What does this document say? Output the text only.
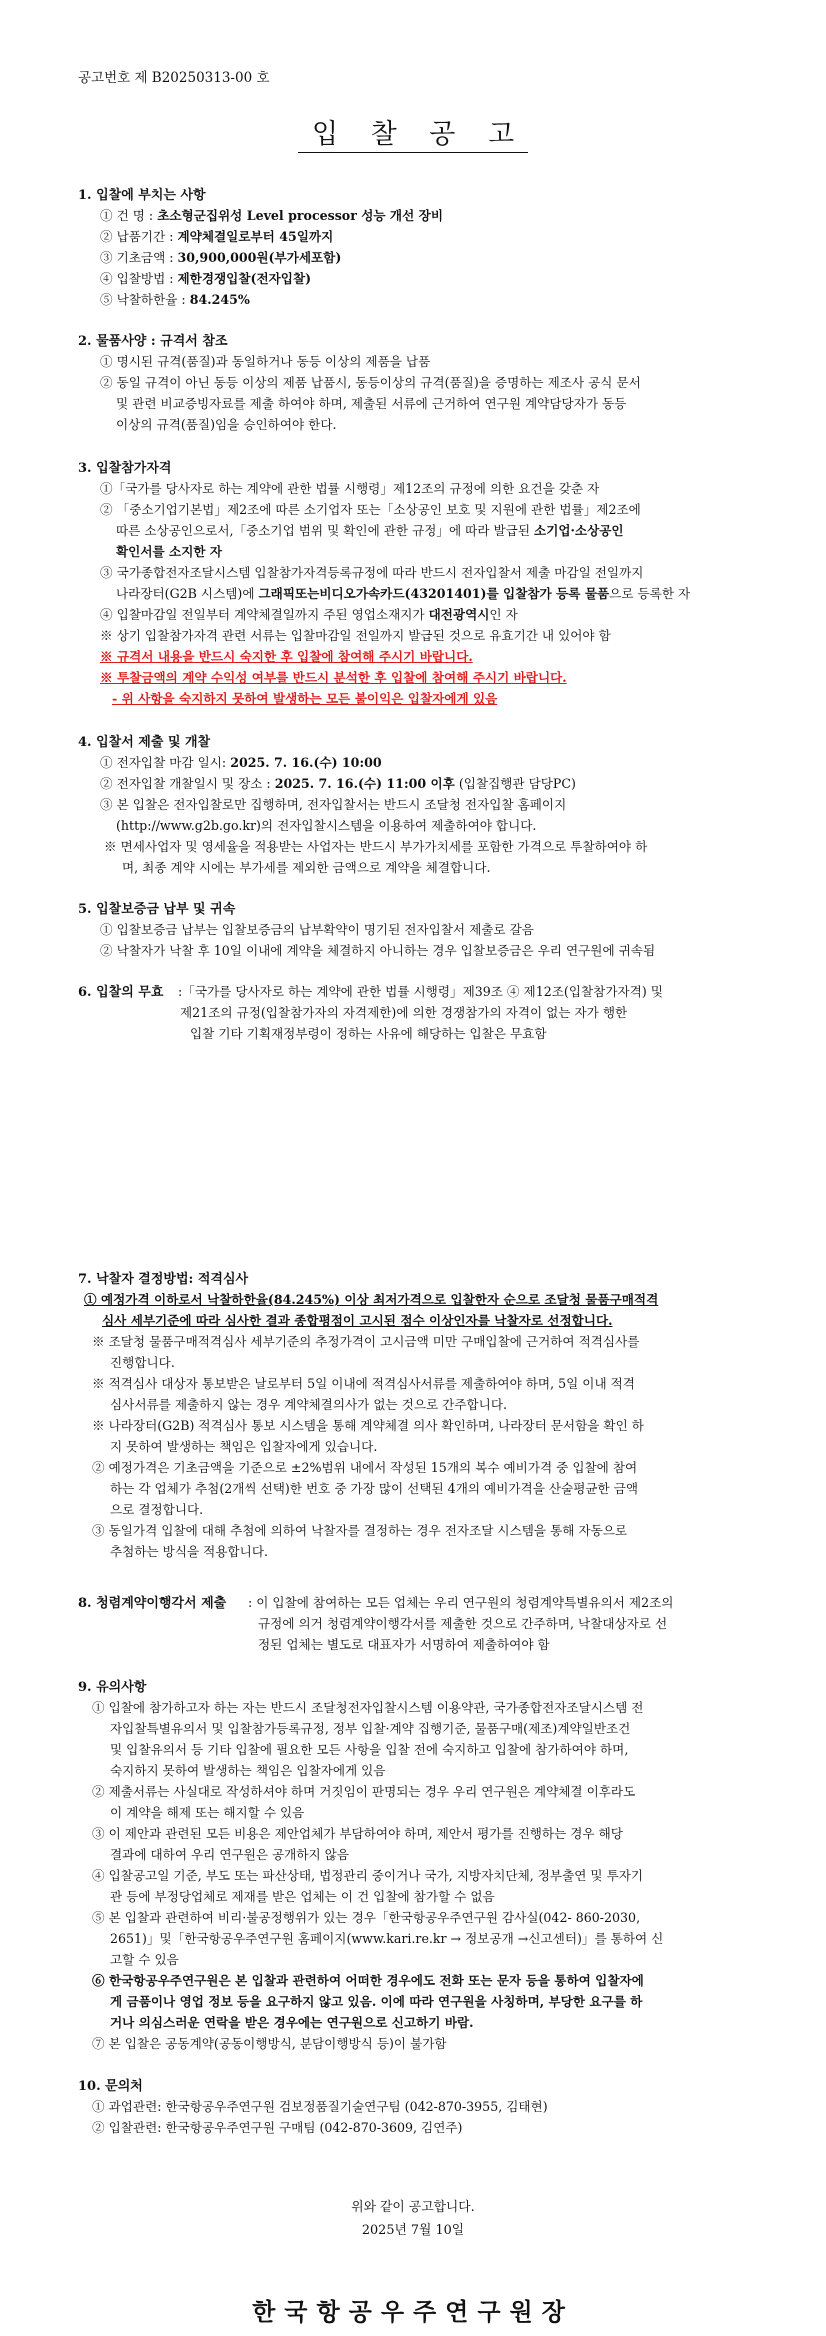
공고번호 제 B20250313-00 호
입 찰 공 고
1. 입찰에 부치는 사항
① 건 명 : 초소형군집위성 Level processor 성능 개선 장비
② 납품기간 : 계약체결일로부터 45일까지
③ 기초금액 : 30,900,000원(부가세포함)
④ 입찰방법 : 제한경쟁입찰(전자입찰)
⑤ 낙찰하한율 : 84.245%
2. 물품사양 : 규격서 참조
① 명시된 규격(품질)과 동일하거나 동등 이상의 제품을 납품
② 동일 규격이 아닌 동등 이상의 제품 납품시, 동등이상의 규격(품질)을 증명하는 제조사 공식 문서
및 관련 비교증빙자료를 제출 하여야 하며, 제출된 서류에 근거하여 연구원 계약담당자가 동등
이상의 규격(품질)임을 승인하여야 한다.
3. 입찰참가자격
①「국가를 당사자로 하는 계약에 관한 법률 시행령」제12조의 규정에 의한 요건을 갖춘 자
② 「중소기업기본법」제2조에 따른 소기업자 또는「소상공인 보호 및 지원에 관한 법률」제2조에
따른 소상공인으로서,「중소기업 범위 및 확인에 관한 규정」에 따라 발급된 소기업·소상공인
확인서를 소지한 자
③ 국가종합전자조달시스템 입찰참가자격등록규정에 따라 반드시 전자입찰서 제출 마감일 전일까지
나라장터(G2B 시스템)에 그래픽또는비디오가속카드(43201401)를 입찰참가 등록 물품으로 등록한 자
④ 입찰마감일 전일부터 계약체결일까지 주된 영업소재지가 대전광역시인 자
※ 상기 입찰참가자격 관련 서류는 입찰마감일 전일까지 발급된 것으로 유효기간 내 있어야 함
※ 규격서 내용을 반드시 숙지한 후 입찰에 참여해 주시기 바랍니다.
※ 투찰금액의 계약 수익성 여부를 반드시 분석한 후 입찰에 참여해 주시기 바랍니다.
- 위 사항을 숙지하지 못하여 발생하는 모든 불이익은 입찰자에게 있음
4. 입찰서 제출 및 개찰
① 전자입찰 마감 일시: 2025. 7. 16.(수) 10:00
② 전자입찰 개찰일시 및 장소 : 2025. 7. 16.(수) 11:00 이후 (입찰집행관 담당PC)
③ 본 입찰은 전자입찰로만 집행하며, 전자입찰서는 반드시 조달청 전자입찰 홈페이지
(http://www.g2b.go.kr)의 전자입찰시스템을 이용하여 제출하여야 합니다.
※ 면세사업자 및 영세율을 적용받는 사업자는 반드시 부가가치세를 포함한 가격으로 투찰하여야 하
며, 최종 계약 시에는 부가세를 제외한 금액으로 계약을 체결합니다.
5. 입찰보증금 납부 및 귀속
① 입찰보증금 납부는 입찰보증금의 납부확약이 명기된 전자입찰서 제출로 갈음
② 낙찰자가 낙찰 후 10일 이내에 계약을 체결하지 아니하는 경우 입찰보증금은 우리 연구원에 귀속됨
6. 입찰의 무효 :「국가를 당사자로 하는 계약에 관한 법률 시행령」제39조 ④ 제12조(입찰참가자격) 및
제21조의 규정(입찰참가자의 자격제한)에 의한 경쟁참가의 자격이 없는 자가 행한
입찰 기타 기획재정부령이 정하는 사유에 해당하는 입찰은 무효함
7. 낙찰자 결정방법: 적격심사
① 예정가격 이하로서 낙찰하한율(84.245%) 이상 최저가격으로 입찰한자 순으로 조달청 물품구매적격
심사 세부기준에 따라 심사한 결과 종합평점이 고시된 점수 이상인자를 낙찰자로 선정합니다.
※ 조달청 물품구매적격심사 세부기준의 추정가격이 고시금액 미만 구매입찰에 근거하여 적격심사를
진행합니다.
※ 적격심사 대상자 통보받은 날로부터 5일 이내에 적격심사서류를 제출하여야 하며, 5일 이내 적격
심사서류를 제출하지 않는 경우 계약체결의사가 없는 것으로 간주합니다.
※ 나라장터(G2B) 적격심사 통보 시스템을 통해 계약체결 의사 확인하며, 나라장터 문서함을 확인 하
지 못하여 발생하는 책임은 입찰자에게 있습니다.
② 예정가격은 기초금액을 기준으로 ±2%범위 내에서 작성된 15개의 복수 예비가격 중 입찰에 참여
하는 각 업체가 추첨(2개씩 선택)한 번호 중 가장 많이 선택된 4개의 예비가격을 산술평균한 금액
으로 결정합니다.
③ 동일가격 입찰에 대해 추첨에 의하여 낙찰자를 결정하는 경우 전자조달 시스템을 통해 자동으로
추첨하는 방식을 적용합니다.
8. 청렴계약이행각서 제출 : 이 입찰에 참여하는 모든 업체는 우리 연구원의 청렴계약특별유의서 제2조의
규정에 의거 청렴계약이행각서를 제출한 것으로 간주하며, 낙찰대상자로 선
정된 업체는 별도로 대표자가 서명하여 제출하여야 함
9. 유의사항
① 입찰에 참가하고자 하는 자는 반드시 조달청전자입찰시스템 이용약관, 국가종합전자조달시스템 전
자입찰특별유의서 및 입찰참가등록규정, 정부 입찰·계약 집행기준, 물품구매(제조)계약일반조건
및 입찰유의서 등 기타 입찰에 필요한 모든 사항을 입찰 전에 숙지하고 입찰에 참가하여야 하며,
숙지하지 못하여 발생하는 책임은 입찰자에게 있음
② 제출서류는 사실대로 작성하셔야 하며 거짓임이 판명되는 경우 우리 연구원은 계약체결 이후라도
이 계약을 해제 또는 해지할 수 있음
③ 이 제안과 관련된 모든 비용은 제안업체가 부담하여야 하며, 제안서 평가를 진행하는 경우 해당
결과에 대하여 우리 연구원은 공개하지 않음
④ 입찰공고일 기준, 부도 또는 파산상태, 법정관리 중이거나 국가, 지방자치단체, 정부출연 및 투자기
관 등에 부정당업체로 제재를 받은 업체는 이 건 입찰에 참가할 수 없음
⑤ 본 입찰과 관련하여 비리·불공정행위가 있는 경우「한국항공우주연구원 감사실(042- 860-2030,
2651)」및「한국항공우주연구원 홈페이지(www.kari.re.kr → 정보공개 →신고센터)」를 통하여 신
고할 수 있음
⑥ 한국항공우주연구원은 본 입찰과 관련하여 어떠한 경우에도 전화 또는 문자 등을 통하여 입찰자에
게 금품이나 영업 정보 등을 요구하지 않고 있음. 이에 따라 연구원을 사칭하며, 부당한 요구를 하
거나 의심스러운 연락을 받은 경우에는 연구원으로 신고하기 바람.
⑦ 본 입찰은 공동계약(공동이행방식, 분담이행방식 등)이 불가함
10. 문의처
① 과업관련: 한국항공우주연구원 검보정품질기술연구팀 (042-870-3955, 김태현)
② 입찰관련: 한국항공우주연구원 구매팀 (042-870-3609, 김연주)
위와 같이 공고합니다.
2025년 7월 10일
한국항공우주연구원장
